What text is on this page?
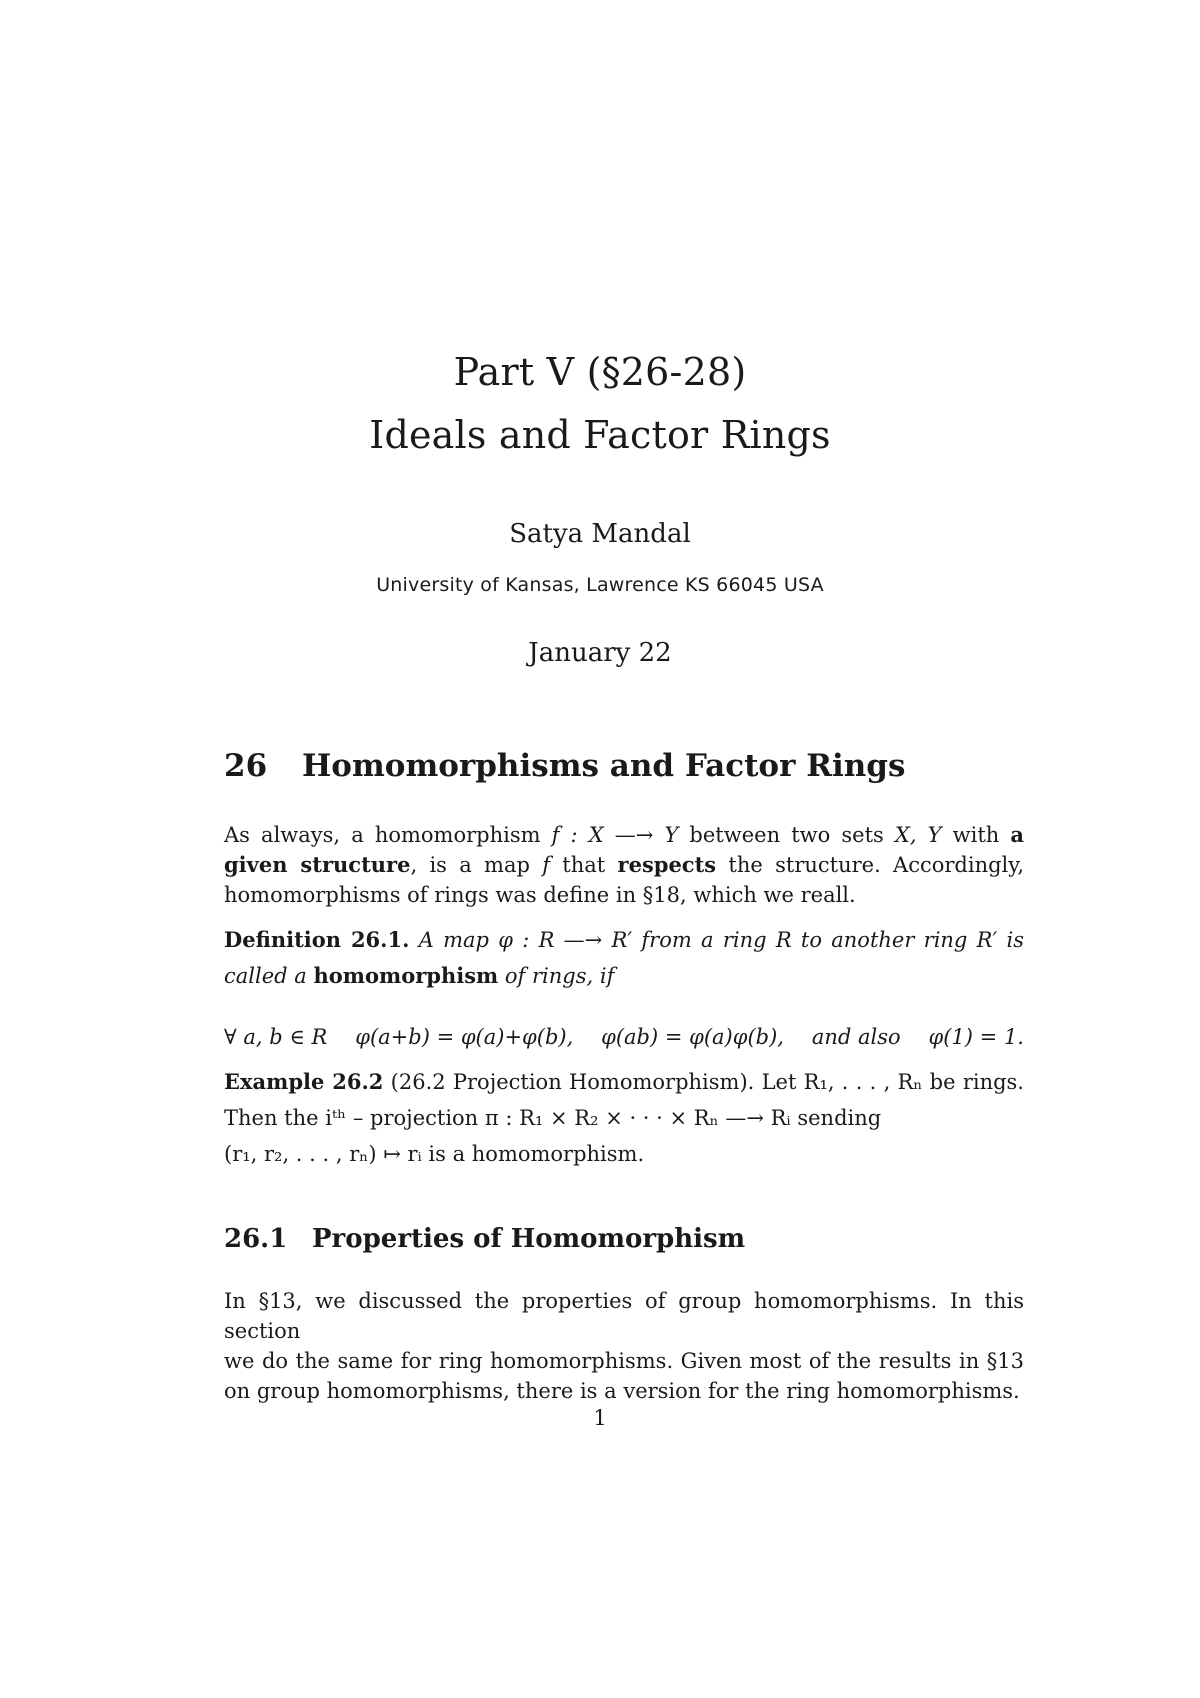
Part V (§26-28)
Ideals and Factor Rings
Satya Mandal
University of Kansas, Lawrence KS 66045 USA
January 22
26 Homomorphisms and Factor Rings
As always, a homomorphism f : X —→ Y between two sets X, Y with a
given structure, is a map f that respects the structure. Accordingly,
homomorphisms of rings was define in §18, which we reall.
Definition 26.1. A map φ : R —→ R′ from a ring R to another ring R′ is
called a homomorphism of rings, if
∀ a, b ∈ R φ(a+b) = φ(a)+φ(b), φ(ab) = φ(a)φ(b), and also φ(1) = 1.
Example 26.2 (26.2 Projection Homomorphism). Let R₁, . . . , Rₙ be rings.
Then the iᵗʰ – projection π : R₁ × R₂ × · · · × Rₙ —→ Rᵢ sending
(r₁, r₂, . . . , rₙ) ↦ rᵢ is a homomorphism.
26.1 Properties of Homomorphism
In §13, we discussed the properties of group homomorphisms. In this section
we do the same for ring homomorphisms. Given most of the results in §13
on group homomorphisms, there is a version for the ring homomorphisms.
1
